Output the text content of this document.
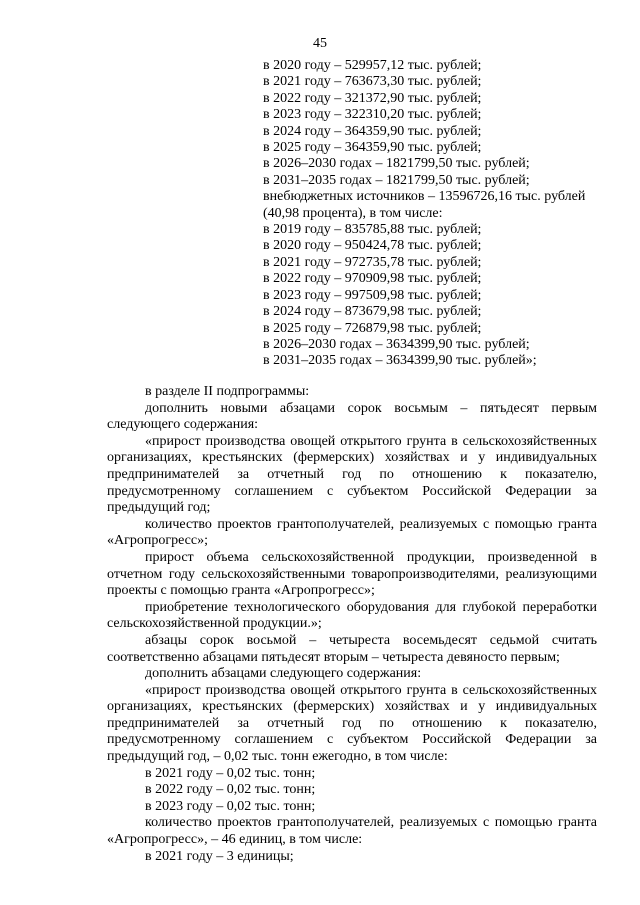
45
в 2020 году – 529957,12 тыс. рублей;
в 2021 году – 763673,30 тыс. рублей;
в 2022 году – 321372,90 тыс. рублей;
в 2023 году – 322310,20 тыс. рублей;
в 2024 году – 364359,90 тыс. рублей;
в 2025 году – 364359,90 тыс. рублей;
в 2026–2030 годах – 1821799,50 тыс. рублей;
в 2031–2035 годах – 1821799,50 тыс. рублей;
внебюджетных источников – 13596726,16 тыс. рублей (40,98 процента), в том числе:
в 2019 году – 835785,88 тыс. рублей;
в 2020 году – 950424,78 тыс. рублей;
в 2021 году – 972735,78 тыс. рублей;
в 2022 году – 970909,98 тыс. рублей;
в 2023 году – 997509,98 тыс. рублей;
в 2024 году – 873679,98 тыс. рублей;
в 2025 году – 726879,98 тыс. рублей;
в 2026–2030 годах – 3634399,90 тыс. рублей;
в 2031–2035 годах – 3634399,90 тыс. рублей»;
в разделе II подпрограммы:
дополнить новыми абзацами сорок восьмым – пятьдесят первым следующего содержания:
«прирост производства овощей открытого грунта в сельскохозяйственных организациях, крестьянских (фермерских) хозяйствах и у индивидуальных предпринимателей за отчетный год по отношению к показателю, предусмотренному соглашением с субъектом Российской Федерации за предыдущий год;
количество проектов грантополучателей, реализуемых с помощью гранта «Агропрогресс»;
прирост объема сельскохозяйственной продукции, произведенной в отчетном году сельскохозяйственными товаропроизводителями, реализующими проекты с помощью гранта «Агропрогресс»;
приобретение технологического оборудования для глубокой переработки сельскохозяйственной продукции.»;
абзацы сорок восьмой – четыреста восемьдесят седьмой считать соответственно абзацами пятьдесят вторым – четыреста девяносто первым;
дополнить абзацами следующего содержания:
«прирост производства овощей открытого грунта в сельскохозяйственных организациях, крестьянских (фермерских) хозяйствах и у индивидуальных предпринимателей за отчетный год по отношению к показателю, предусмотренному соглашением с субъектом Российской Федерации за предыдущий год, – 0,02 тыс. тонн ежегодно, в том числе:
в 2021 году – 0,02 тыс. тонн;
в 2022 году – 0,02 тыс. тонн;
в 2023 году – 0,02 тыс. тонн;
количество проектов грантополучателей, реализуемых с помощью гранта «Агропрогресс», – 46 единиц, в том числе:
в 2021 году – 3 единицы;
